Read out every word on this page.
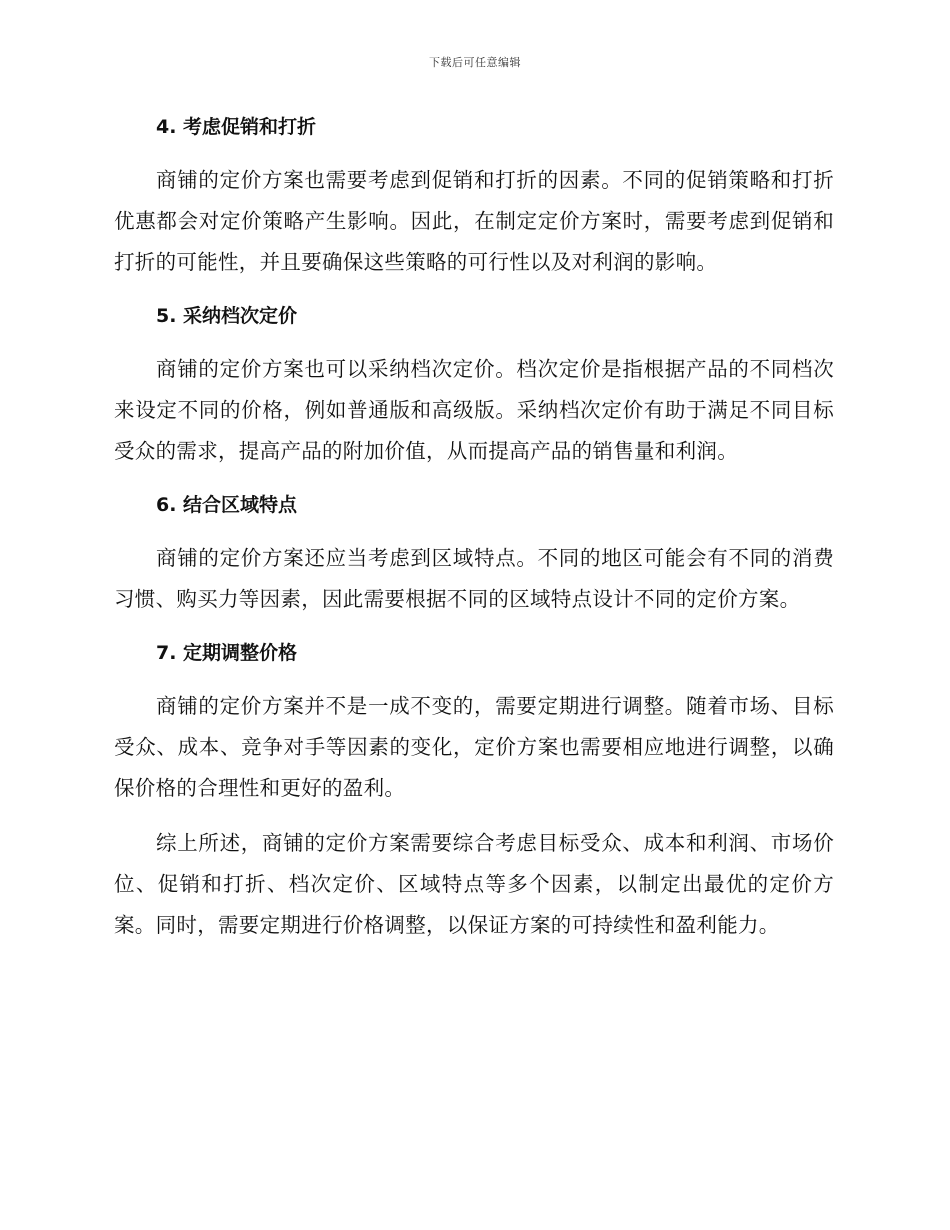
下载后可任意编辑
4. 考虑促销和打折

商铺的定价方案也需要考虑到促销和打折的因素。不同的促销策略和打折优惠都会对定价策略产生影响。因此，在制定定价方案时，需要考虑到促销和打折的可能性，并且要确保这些策略的可行性以及对利润的影响。

5. 采纳档次定价

商铺的定价方案也可以采纳档次定价。档次定价是指根据产品的不同档次来设定不同的价格，例如普通版和高级版。采纳档次定价有助于满足不同目标受众的需求，提高产品的附加价值，从而提高产品的销售量和利润。

6. 结合区域特点

商铺的定价方案还应当考虑到区域特点。不同的地区可能会有不同的消费习惯、购买力等因素，因此需要根据不同的区域特点设计不同的定价方案。

7. 定期调整价格

商铺的定价方案并不是一成不变的，需要定期进行调整。随着市场、目标受众、成本、竞争对手等因素的变化，定价方案也需要相应地进行调整，以确保价格的合理性和更好的盈利。

综上所述，商铺的定价方案需要综合考虑目标受众、成本和利润、市场价位、促销和打折、档次定价、区域特点等多个因素，以制定出最优的定价方案。同时，需要定期进行价格调整，以保证方案的可持续性和盈利能力。
